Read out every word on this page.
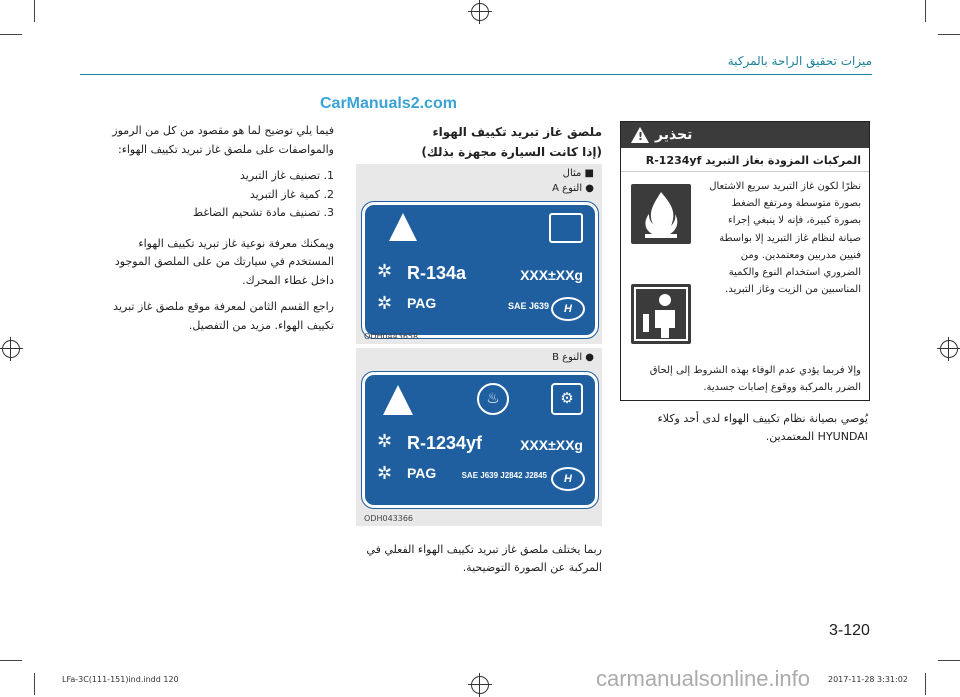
ميزات تحقيق الراحة بالمركبة
CarManuals2.com
تحذير
!
المركبات المزودة بغاز التبريد R-1234yf
نظرًا لكون غاز التبريد سريع الاشتعال بصورة متوسطة ومرتفع الضغط بصورة كبيرة، فإنه لا ينبغي إجراء صيانة لنظام غاز التبريد إلا بواسطة فنيين مدربين ومعتمدين. ومن الضروري استخدام النوع والكمية المناسبين من الزيت وغاز التبريد.
وإلا فربما يؤدي عدم الوفاء بهذه الشروط إلى إلحاق الضرر بالمركبة ووقوع إصابات جسدية.
يُوصي بصيانة نظام تكييف الهواء لدى أحد وكلاء HYUNDAI المعتمدين.
ملصق غاز تبريد تكييف الهواء
(إذا كانت السيارة مجهزة بذلك)
■ مثال
● النوع A
✲ R-134a	XXX±XXg
✲ PAG	SAE J639	H
ODH044365R
● النوع B
♨	⚙
✲ R-1234yf	XXX±XXg
✲ PAG	SAE J639 J2842 J2845	H
ODH043366
ربما يختلف ملصق غاز تبريد تكييف الهواء الفعلي في المركبة عن الصورة التوضيحية.

فيما يلي توضيح لما هو مقصود من كل من الرموز والمواصفات على ملصق غاز تبريد تكييف الهواء:

1. تصنيف غاز التبريد
2. كمية غاز التبريد
3. تصنيف مادة تشحيم الضاغط

ويمكنك معرفة نوعية غاز تبريد تكييف الهواء المستخدم في سيارتك من على الملصق الموجود داخل غطاء المحرك.

راجع القسم الثامن لمعرفة موقع ملصق غاز تبريد تكييف الهواء. مزيد من التفصيل.

3-120
LFa-3C(111-151)ind.indd 120	carmanualsonline.info 2017-11-28 3:31:02
